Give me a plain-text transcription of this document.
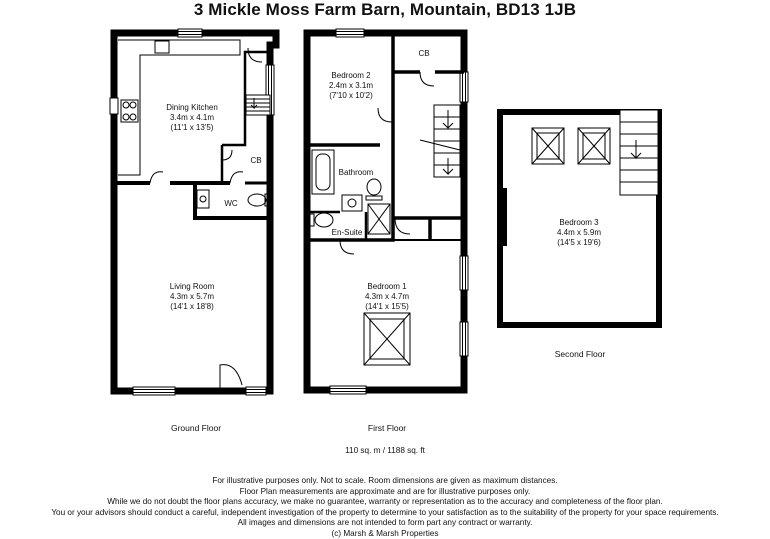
3 Mickle Moss Farm Barn, Mountain, BD13 1JB
Dining Kitchen
3.4m x 4.1m
(11'1 x 13'5)
CB
WC
Living Room
4.3m x 5.7m
(14'1 x 18'8)
Bedroom 2
2.4m x 3.1m
(7'10 x 10'2)
CB
Bathroom
En-Suite
Bedroom 1
4.3m x 4.7m
(14'1 x 15'5)
Bedroom 3
4.4m x 5.9m
(14'5 x 19'6)
Ground Floor	First Floor
Second Floor
110 sq. m / 1188 sq. ft
For illustrative purposes only. Not to scale. Room dimensions are given as maximum distances.
Floor Plan measurements are approximate and are for illustrative purposes only.
While we do not doubt the floor plans accuracy, we make no guarantee, warranty or representation as to the accuracy and completeness of the floor plan.
You or your advisors should conduct a careful, independent investigation of the property to determine to your satisfaction as to the suitability of the property for your space requirements.
All images and dimensions are not intended to form part any contract or warranty.
(c) Marsh & Marsh Properties
